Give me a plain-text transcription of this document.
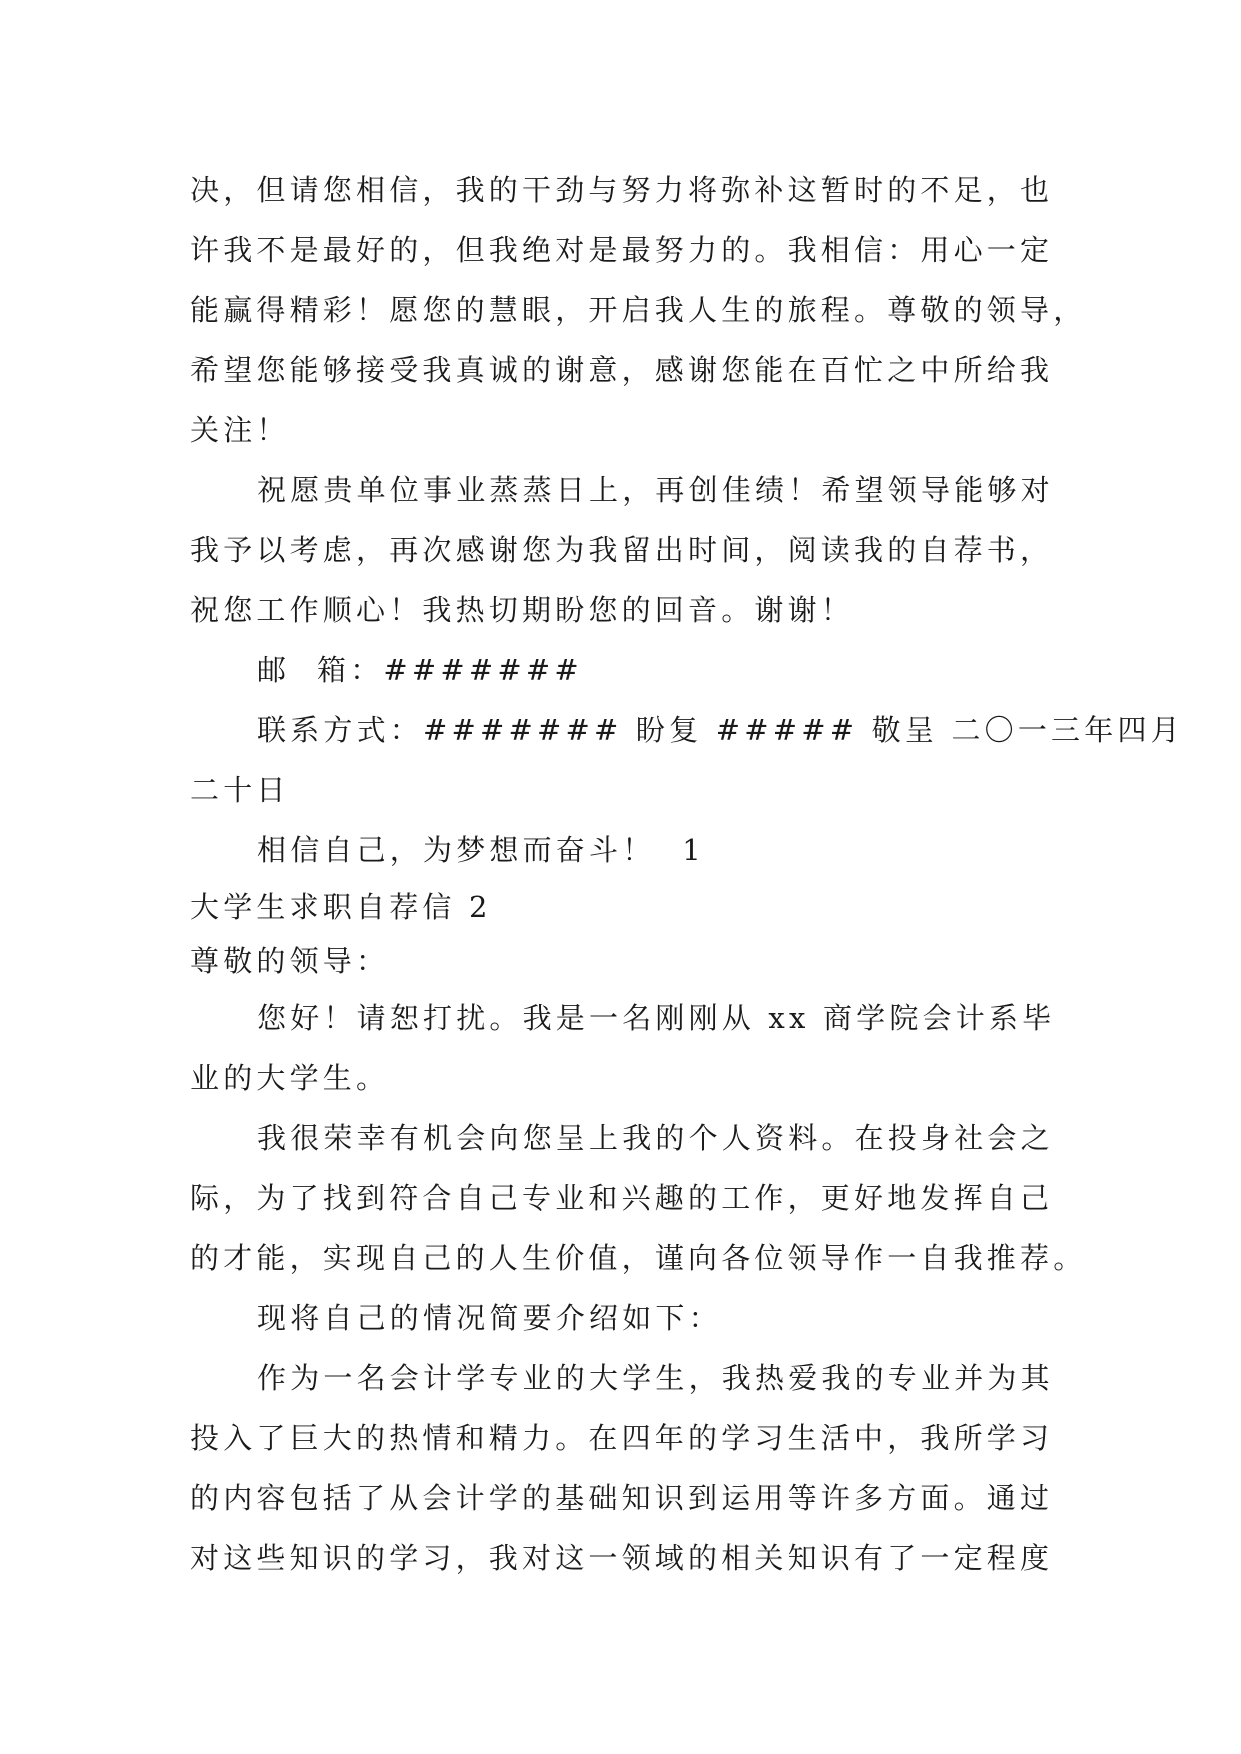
决，但请您相信，我的干劲与努力将弥补这暂时的不足，也
许我不是最好的，但我绝对是最努力的。我相信：用心一定
能赢得精彩！愿您的慧眼，开启我人生的旅程。尊敬的领导，
希望您能够接受我真诚的谢意，感谢您能在百忙之中所给我
关注！
祝愿贵单位事业蒸蒸日上，再创佳绩！希望领导能够对
我予以考虑，再次感谢您为我留出时间，阅读我的自荐书，
祝您工作顺心！我热切期盼您的回音。谢谢！
邮  箱：#######
联系方式：####### 盼复 ##### 敬呈 二〇一三年四月
二十日
相信自己，为梦想而奋斗！  1
大学生求职自荐信 2
尊敬的领导：
您好！请恕打扰。我是一名刚刚从 xx 商学院会计系毕
业的大学生。
我很荣幸有机会向您呈上我的个人资料。在投身社会之
际，为了找到符合自己专业和兴趣的工作，更好地发挥自己
的才能，实现自己的人生价值，谨向各位领导作一自我推荐。
现将自己的情况简要介绍如下：
作为一名会计学专业的大学生，我热爱我的专业并为其
投入了巨大的热情和精力。在四年的学习生活中，我所学习
的内容包括了从会计学的基础知识到运用等许多方面。通过
对这些知识的学习，我对这一领域的相关知识有了一定程度
